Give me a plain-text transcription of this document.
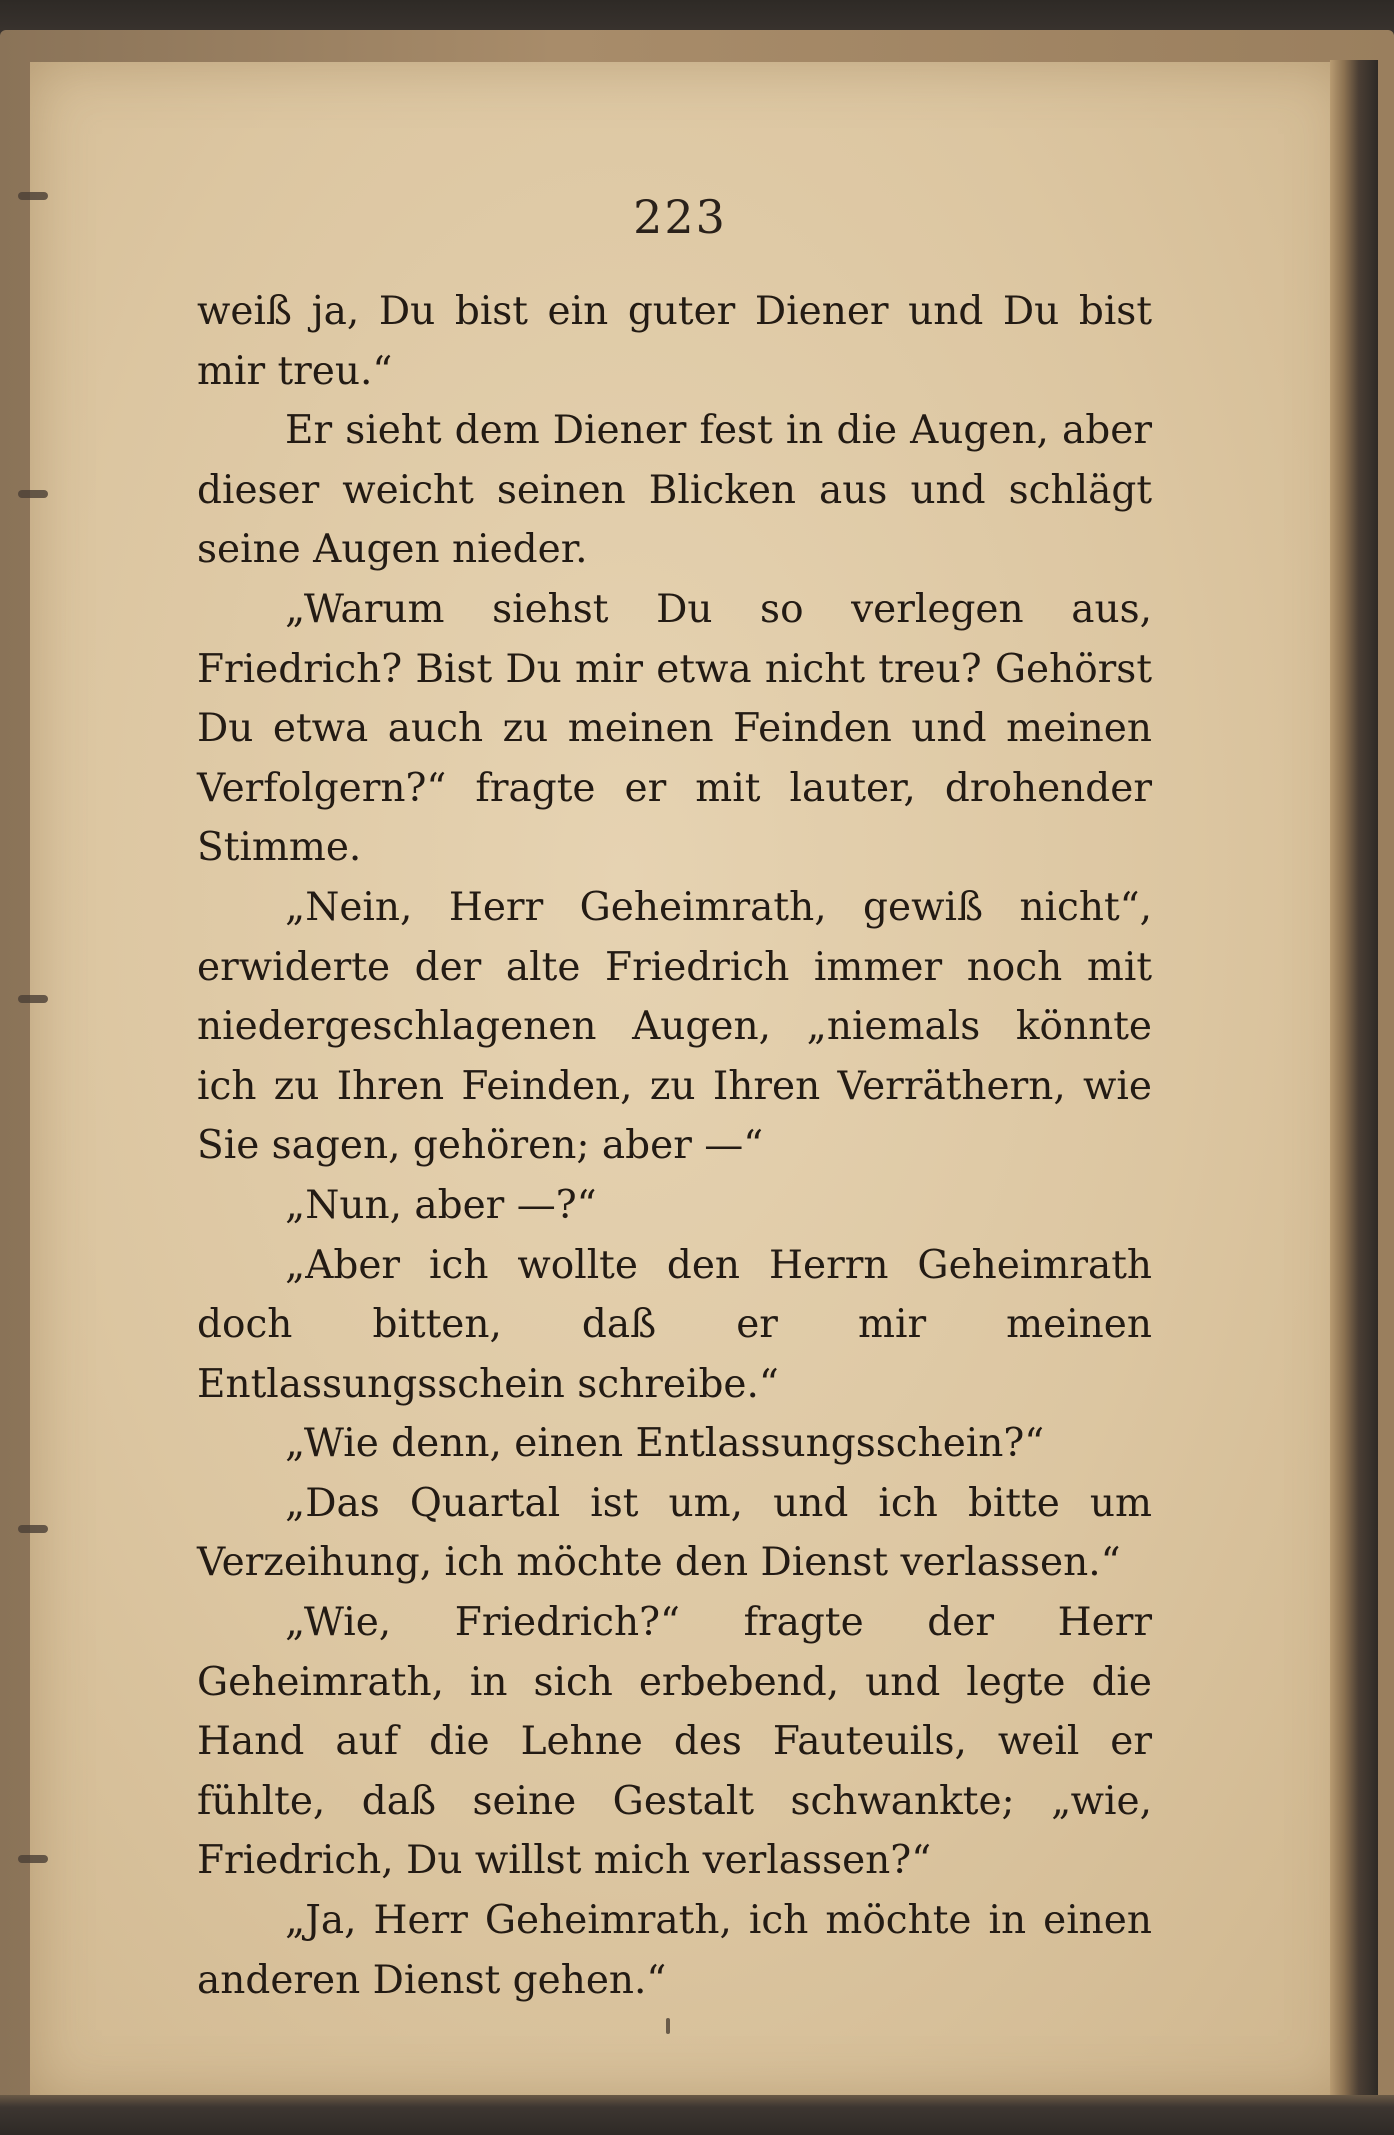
223

weiß ja, Du bist ein guter Diener und Du bist mir treu.“

Er sieht dem Diener fest in die Augen, aber dieser weicht seinen Blicken aus und schlägt seine Augen nieder.

„Warum siehst Du so verlegen aus, Friedrich? Bist Du mir etwa nicht treu? Gehörst Du etwa auch zu meinen Feinden und meinen Verfolgern?“ fragte er mit lauter, drohender Stimme.

„Nein, Herr Geheimrath, gewiß nicht“, erwiderte der alte Friedrich immer noch mit niedergeschlagenen Augen, „niemals könnte ich zu Ihren Feinden, zu Ihren Verräthern, wie Sie sagen, gehören; aber —“

„Nun, aber —?“

„Aber ich wollte den Herrn Geheimrath doch bitten, daß er mir meinen Entlassungsschein schreibe.“

„Wie denn, einen Entlassungsschein?“

„Das Quartal ist um, und ich bitte um Verzeihung, ich möchte den Dienst verlassen.“

„Wie, Friedrich?“ fragte der Herr Geheimrath, in sich erbebend, und legte die Hand auf die Lehne des Fauteuils, weil er fühlte, daß seine Gestalt schwankte; „wie, Friedrich, Du willst mich verlassen?“

„Ja, Herr Geheimrath, ich möchte in einen anderen Dienst gehen.“
